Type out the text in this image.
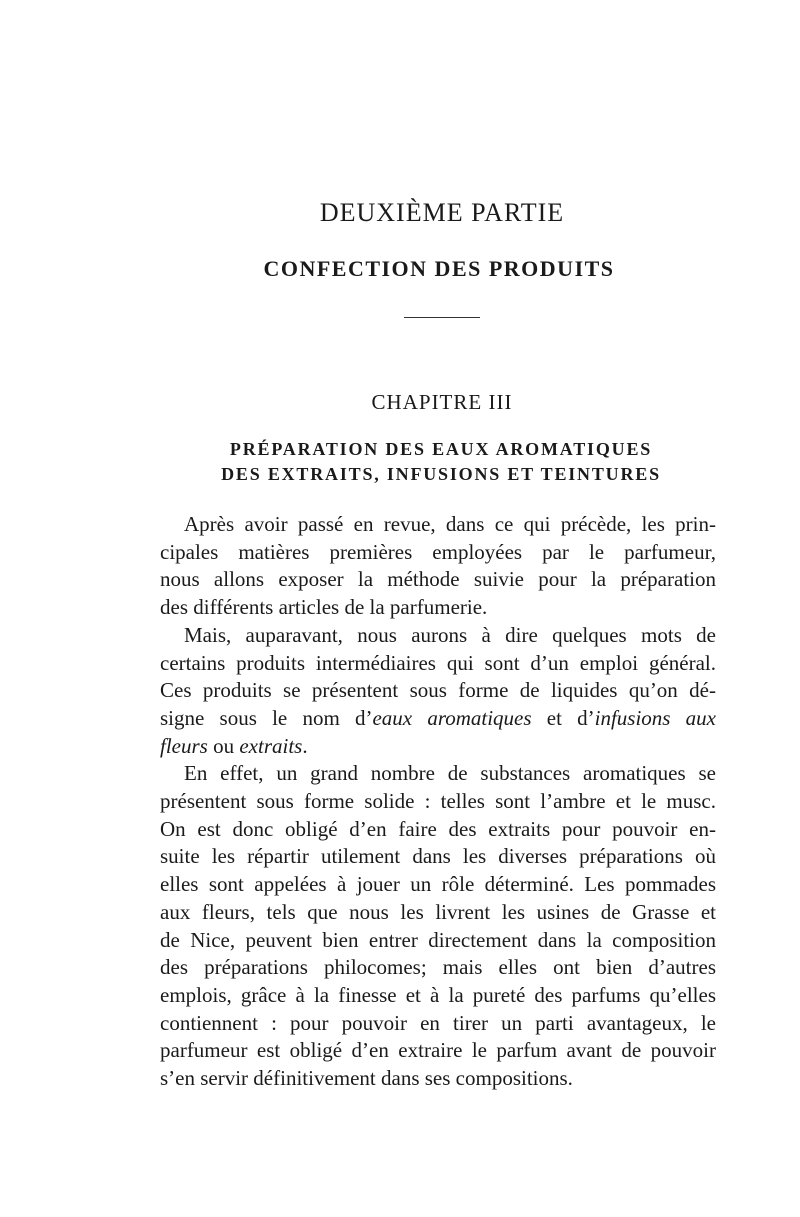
DEUXIÈME PARTIE
CONFECTION DES PRODUITS
CHAPITRE III
PRÉPARATION DES EAUX AROMATIQUES
DES EXTRAITS, INFUSIONS ET TEINTURES
Après avoir passé en revue, dans ce qui précède, les prin-
cipales matières premières employées par le parfumeur,
nous allons exposer la méthode suivie pour la préparation
des différents articles de la parfumerie.
Mais, auparavant, nous aurons à dire quelques mots de
certains produits intermédiaires qui sont d’un emploi général.
Ces produits se présentent sous forme de liquides qu’on dé-
signe sous le nom d’eaux aromatiques et d’infusions aux
fleurs ou extraits.
En effet, un grand nombre de substances aromatiques se
présentent sous forme solide : telles sont l’ambre et le musc.
On est donc obligé d’en faire des extraits pour pouvoir en-
suite les répartir utilement dans les diverses préparations où
elles sont appelées à jouer un rôle déterminé. Les pommades
aux fleurs, tels que nous les livrent les usines de Grasse et
de Nice, peuvent bien entrer directement dans la composition
des préparations philocomes; mais elles ont bien d’autres
emplois, grâce à la finesse et à la pureté des parfums qu’elles
contiennent : pour pouvoir en tirer un parti avantageux, le
parfumeur est obligé d’en extraire le parfum avant de pouvoir
s’en servir définitivement dans ses compositions.
